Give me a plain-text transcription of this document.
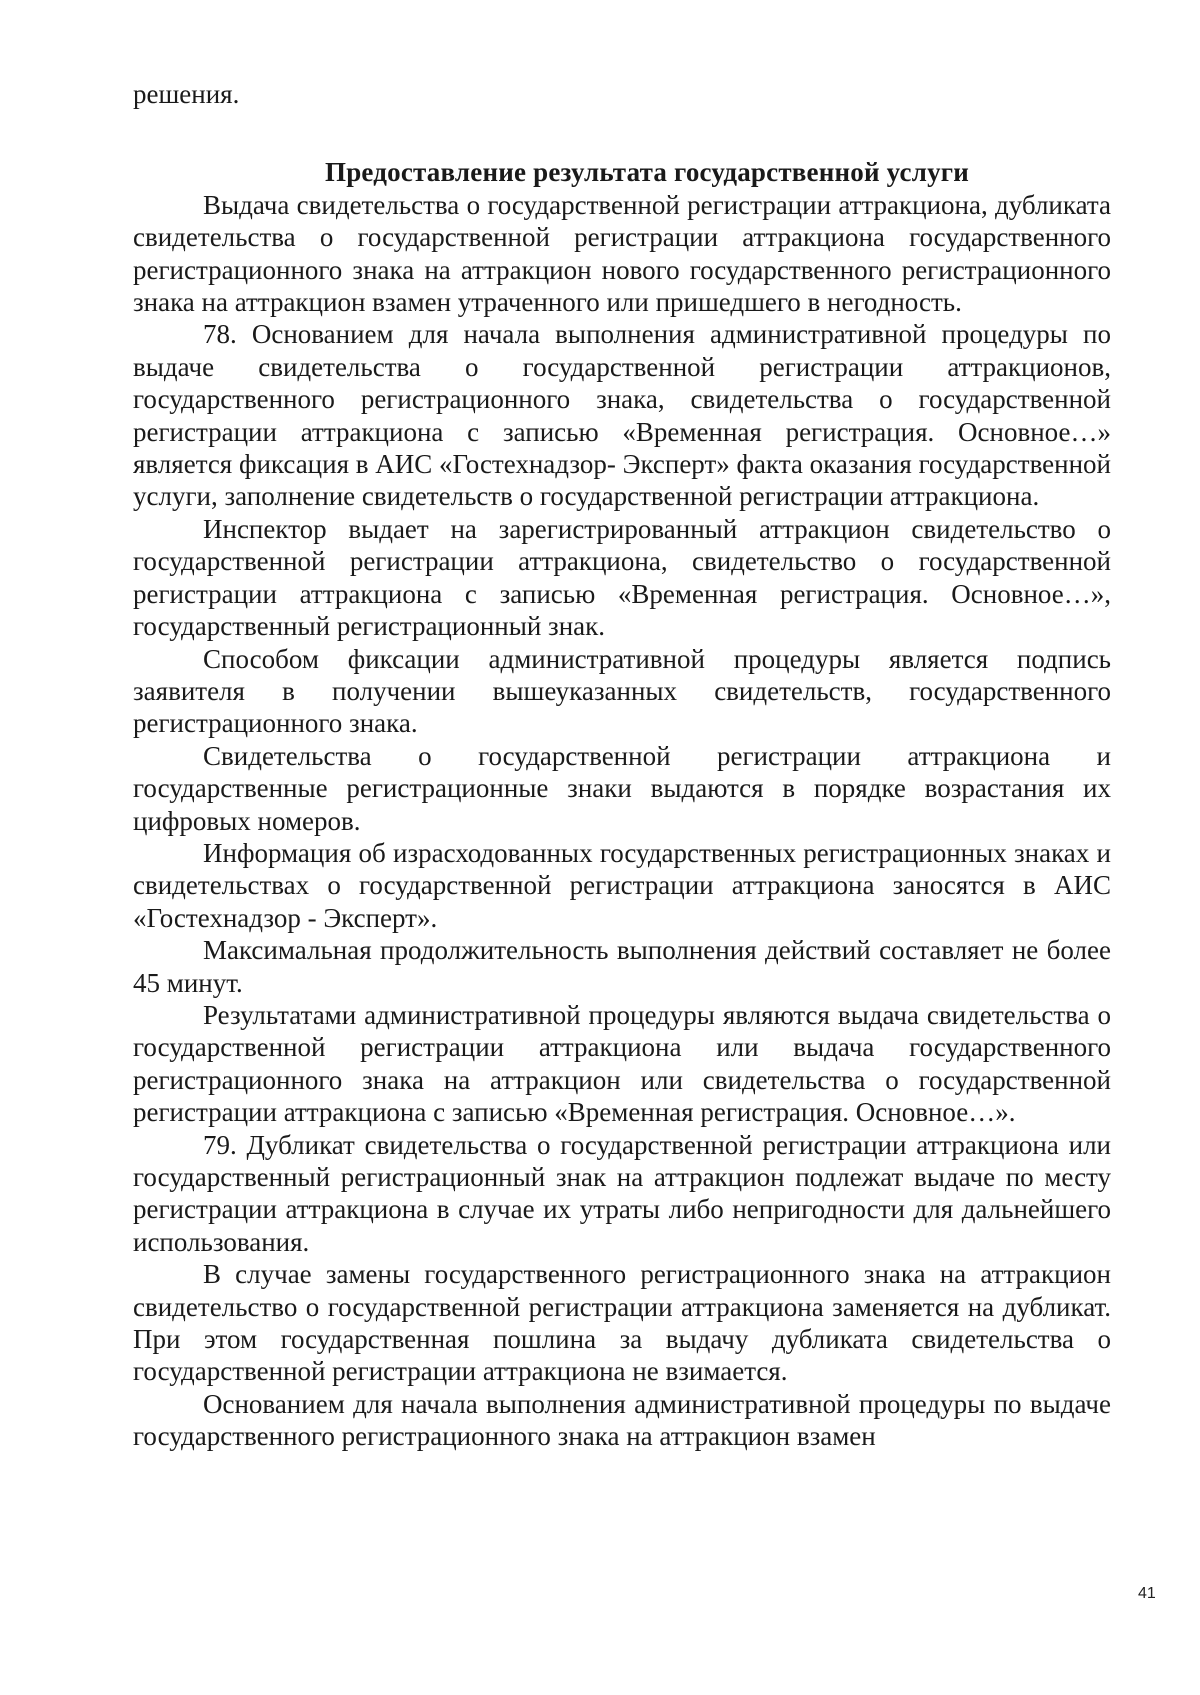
решения.

Предоставление результата государственной услуги

Выдача свидетельства о государственной регистрации аттракциона, дубликата свидетельства о государственной регистрации аттракциона государственного регистрационного знака на аттракцион нового государственного регистрационного знака на аттракцион взамен утраченного или пришедшего в негодность.

78. Основанием для начала выполнения административной процедуры по выдаче свидетельства о государственной регистрации аттракционов, государственного регистрационного знака, свидетельства о государственной регистрации аттракциона с записью «Временная регистрация. Основное…» является фиксация в АИС «Гостехнадзор- Эксперт» факта оказания государственной услуги, заполнение свидетельств о государственной регистрации аттракциона.

Инспектор выдает на зарегистрированный аттракцион свидетельство о государственной регистрации аттракциона, свидетельство о государственной регистрации аттракциона с записью «Временная регистрация. Основное…», государственный регистрационный знак.

Способом фиксации административной процедуры является подпись заявителя в получении вышеуказанных свидетельств, государственного регистрационного знака.

Свидетельства о государственной регистрации аттракциона и государственные регистрационные знаки выдаются в порядке возрастания их цифровых номеров.

Информация об израсходованных государственных регистрационных знаках и свидетельствах о государственной регистрации аттракциона заносятся в АИС «Гостехнадзор - Эксперт».

Максимальная продолжительность выполнения действий составляет не более 45 минут.

Результатами административной процедуры являются выдача свидетельства о государственной регистрации аттракциона или выдача государственного регистрационного знака на аттракцион или свидетельства о государственной регистрации аттракциона с записью «Временная регистрация. Основное…».

79. Дубликат свидетельства о государственной регистрации аттракциона или государственный регистрационный знак на аттракцион подлежат выдаче по месту регистрации аттракциона в случае их утраты либо непригодности для дальнейшего использования.

В случае замены государственного регистрационного знака на аттракцион свидетельство о государственной регистрации аттракциона заменяется на дубликат. При этом государственная пошлина за выдачу дубликата свидетельства о государственной регистрации аттракциона не взимается.

Основанием для начала выполнения административной процедуры по выдаче государственного регистрационного знака на аттракцион взамен

41
